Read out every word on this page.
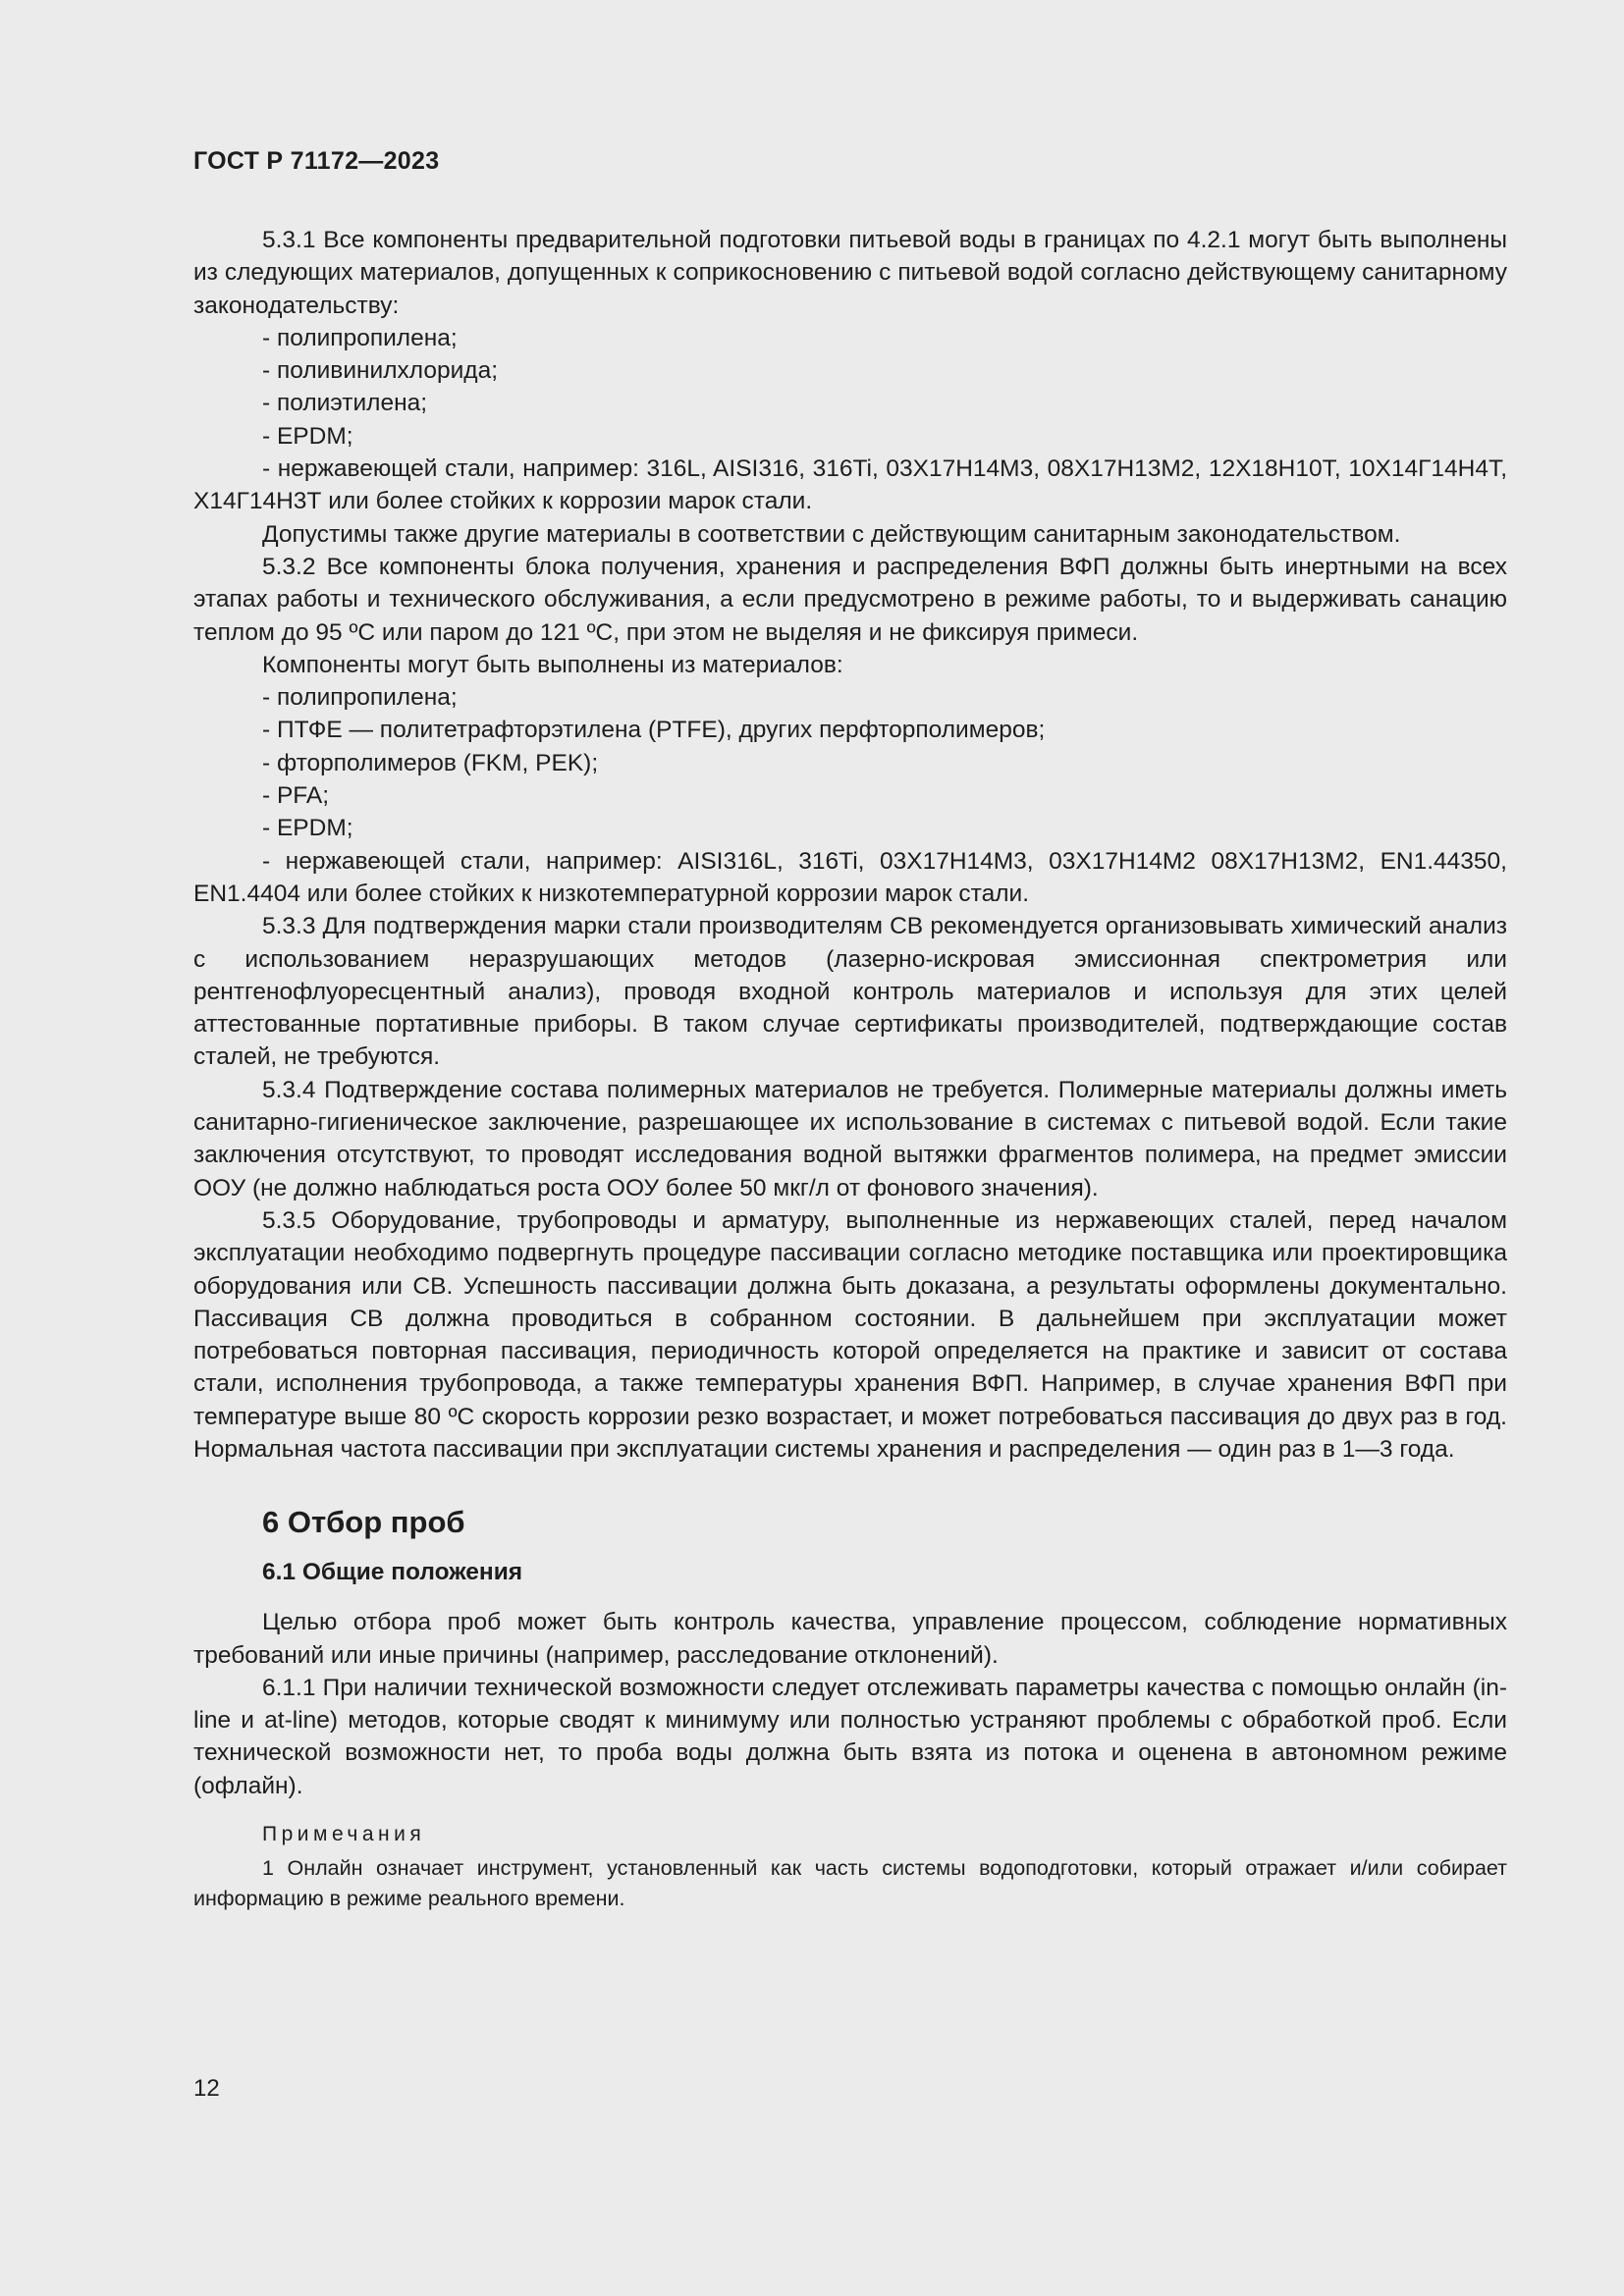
ГОСТ Р 71172—2023

5.3.1 Все компоненты предварительной подготовки питьевой воды в границах по 4.2.1 могут быть выполнены из следующих материалов, допущенных к соприкосновению с питьевой водой согласно действующему санитарному законодательству:

- полипропилена;

- поливинилхлорида;

- полиэтилена;

- EPDM;

- нержавеющей стали, например: 316L, AISI316, 316Ti, 03Х17Н14М3, 08Х17Н13М2, 12Х18Н10Т, 10Х14Г14Н4Т, Х14Г14Н3Т или более стойких к коррозии марок стали.

Допустимы также другие материалы в соответствии с действующим санитарным законодательством.

5.3.2 Все компоненты блока получения, хранения и распределения ВФП должны быть инертными на всех этапах работы и технического обслуживания, а если предусмотрено в режиме работы, то и выдерживать санацию теплом до 95 ºС или паром до 121 ºС, при этом не выделяя и не фиксируя примеси.

Компоненты могут быть выполнены из материалов:

- полипропилена;

- ПТФЕ — политетрафторэтилена (PTFE), других перфторполимеров;

- фторполимеров (FKM, PEK);

- PFA;

- EPDM;

- нержавеющей стали, например: AISI316L, 316Ti, 03Х17Н14М3, 03Х17Н14М2 08Х17Н13М2, EN1.44350, EN1.4404 или более стойких к низкотемпературной коррозии марок стали.

5.3.3 Для подтверждения марки стали производителям СВ рекомендуется организовывать химический анализ с использованием неразрушающих методов (лазерно-искровая эмиссионная спектрометрия или рентгенофлуоресцентный анализ), проводя входной контроль материалов и используя для этих целей аттестованные портативные приборы. В таком случае сертификаты производителей, подтверждающие состав сталей, не требуются.

5.3.4 Подтверждение состава полимерных материалов не требуется. Полимерные материалы должны иметь санитарно-гигиеническое заключение, разрешающее их использование в системах с питьевой водой. Если такие заключения отсутствуют, то проводят исследования водной вытяжки фрагментов полимера, на предмет эмиссии ООУ (не должно наблюдаться роста ООУ более 50 мкг/л от фонового значения).

5.3.5 Оборудование, трубопроводы и арматуру, выполненные из нержавеющих сталей, перед началом эксплуатации необходимо подвергнуть процедуре пассивации согласно методике поставщика или проектировщика оборудования или СВ. Успешность пассивации должна быть доказана, а результаты оформлены документально. Пассивация СВ должна проводиться в собранном состоянии. В дальнейшем при эксплуатации может потребоваться повторная пассивация, периодичность которой определяется на практике и зависит от состава стали, исполнения трубопровода, а также температуры хранения ВФП. Например, в случае хранения ВФП при температуре выше 80 ºС скорость коррозии резко возрастает, и может потребоваться пассивация до двух раз в год. Нормальная частота пассивации при эксплуатации системы хранения и распределения — один раз в 1—3 года.

6 Отбор проб

6.1 Общие положения

Целью отбора проб может быть контроль качества, управление процессом, соблюдение нормативных требований или иные причины (например, расследование отклонений).

6.1.1 При наличии технической возможности следует отслеживать параметры качества с помощью онлайн (in-line и at-line) методов, которые сводят к минимуму или полностью устраняют проблемы с обработкой проб. Если технической возможности нет, то проба воды должна быть взята из потока и оценена в автономном режиме (офлайн).

Примечания

1 Онлайн означает инструмент, установленный как часть системы водоподготовки, который отражает и/или собирает информацию в режиме реального времени.

12
